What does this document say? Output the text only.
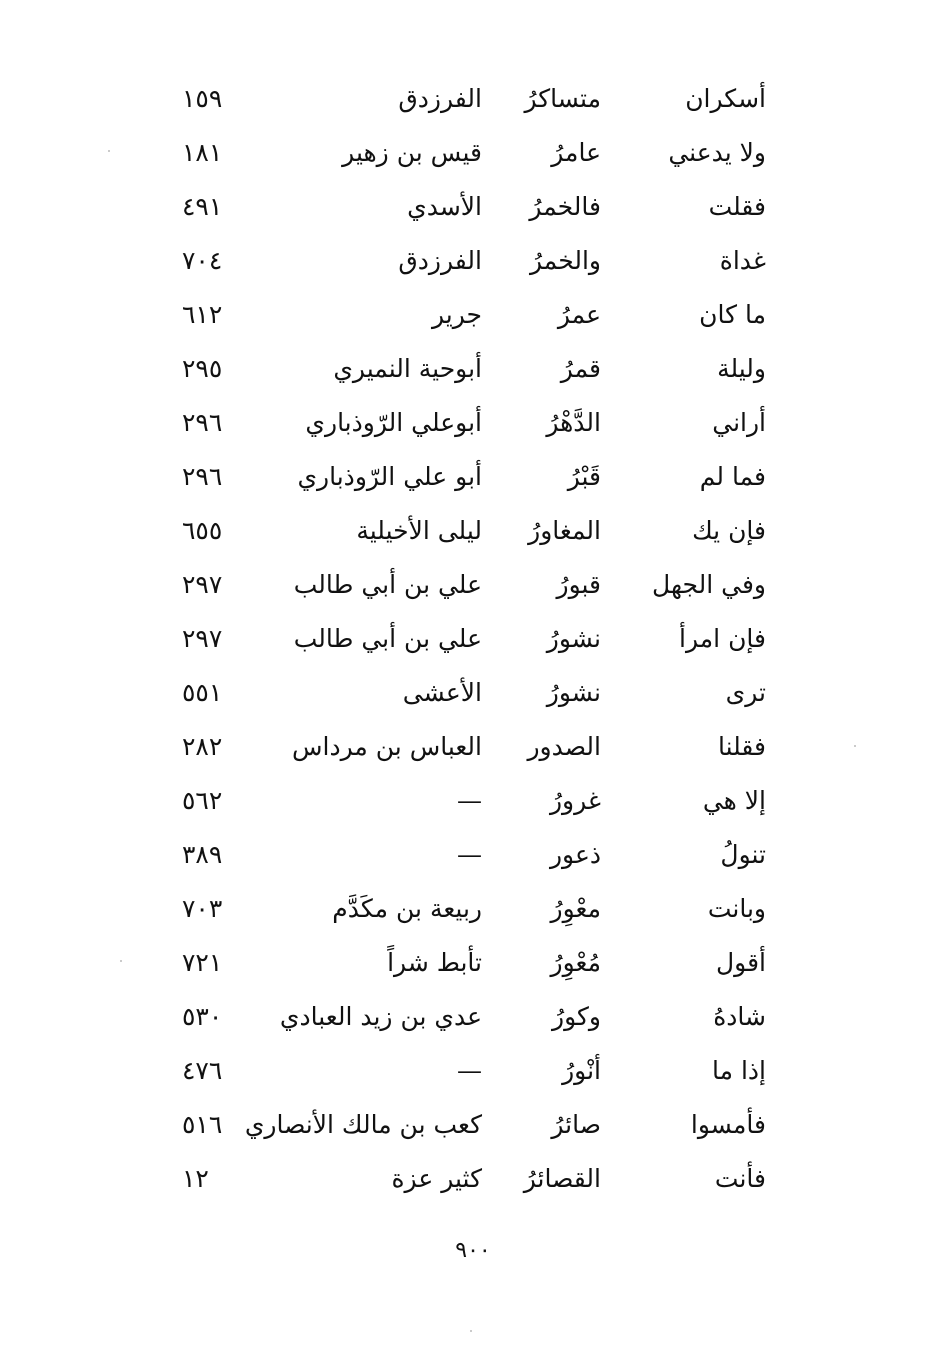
أسكران
متساكرُ
الفرزدق
١٥٩
ولا يدعني
عامرُ
قيس بن زهير
١٨١
فقلت
فالخمرُ
الأسدي
٤٩١
غداة
والخمرُ
الفرزدق
٧٠٤
ما كان
عمرُ
جرير
٦١٢
وليلة
قمرُ
أبوحية النميري
٢٩٥
أراني
الدَّهْرُ
أبوعلي الرّوذباري
٢٩٦
فما لم
قَبْرُ
أبو علي الرّوذباري
٢٩٦
فإن يك
المغاورُ
ليلى الأخيلية
٦٥٥
وفي الجهل
قبورُ
علي بن أبي طالب
٢٩٧
فإن امرأ
نشورُ
علي بن أبي طالب
٢٩٧
ترى
نشورُ
الأعشى
٥٥١
فقلنا
الصدور
العباس بن مرداس
٢٨٢
إلا هي
غرورُ
—
٥٦٢
تنولُ
ذعور
—
٣٨٩
وبانت
معْوِرُ
ربيعة بن مكَدَّم
٧٠٣
أقول
مُعْوِرُ
تأبط شراً
٧٢١
شادهُ
وكورُ
عدي بن زيد العبادي
٥٣٠
إذا ما
أنْورُ
—
٤٧٦
فأمسوا
صائرُ
كعب بن مالك الأنصاري
٥١٦
فأنت
القصائرُ
كثير عزة
١٢
٩٠٠
